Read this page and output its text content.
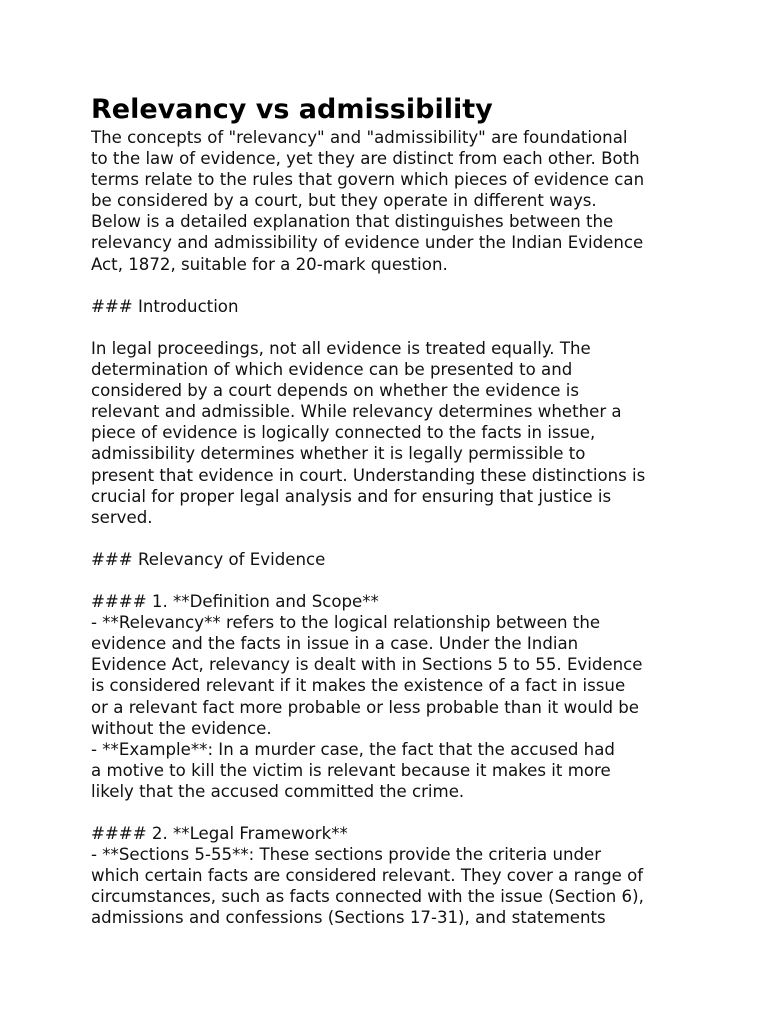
Relevancy vs admissibility

The concepts of "relevancy" and "admissibility" are foundational
to the law of evidence, yet they are distinct from each other. Both
terms relate to the rules that govern which pieces of evidence can
be considered by a court, but they operate in different ways.
Below is a detailed explanation that distinguishes between the
relevancy and admissibility of evidence under the Indian Evidence
Act, 1872, suitable for a 20-mark question.

### Introduction

In legal proceedings, not all evidence is treated equally. The
determination of which evidence can be presented to and
considered by a court depends on whether the evidence is
relevant and admissible. While relevancy determines whether a
piece of evidence is logically connected to the facts in issue,
admissibility determines whether it is legally permissible to
present that evidence in court. Understanding these distinctions is
crucial for proper legal analysis and for ensuring that justice is
served.

### Relevancy of Evidence

#### 1. **Definition and Scope**
- **Relevancy** refers to the logical relationship between the
evidence and the facts in issue in a case. Under the Indian
Evidence Act, relevancy is dealt with in Sections 5 to 55. Evidence
is considered relevant if it makes the existence of a fact in issue
or a relevant fact more probable or less probable than it would be
without the evidence.
- **Example**: In a murder case, the fact that the accused had
a motive to kill the victim is relevant because it makes it more
likely that the accused committed the crime.

#### 2. **Legal Framework**
- **Sections 5-55**: These sections provide the criteria under
which certain facts are considered relevant. They cover a range of
circumstances, such as facts connected with the issue (Section 6),
admissions and confessions (Sections 17-31), and statements
